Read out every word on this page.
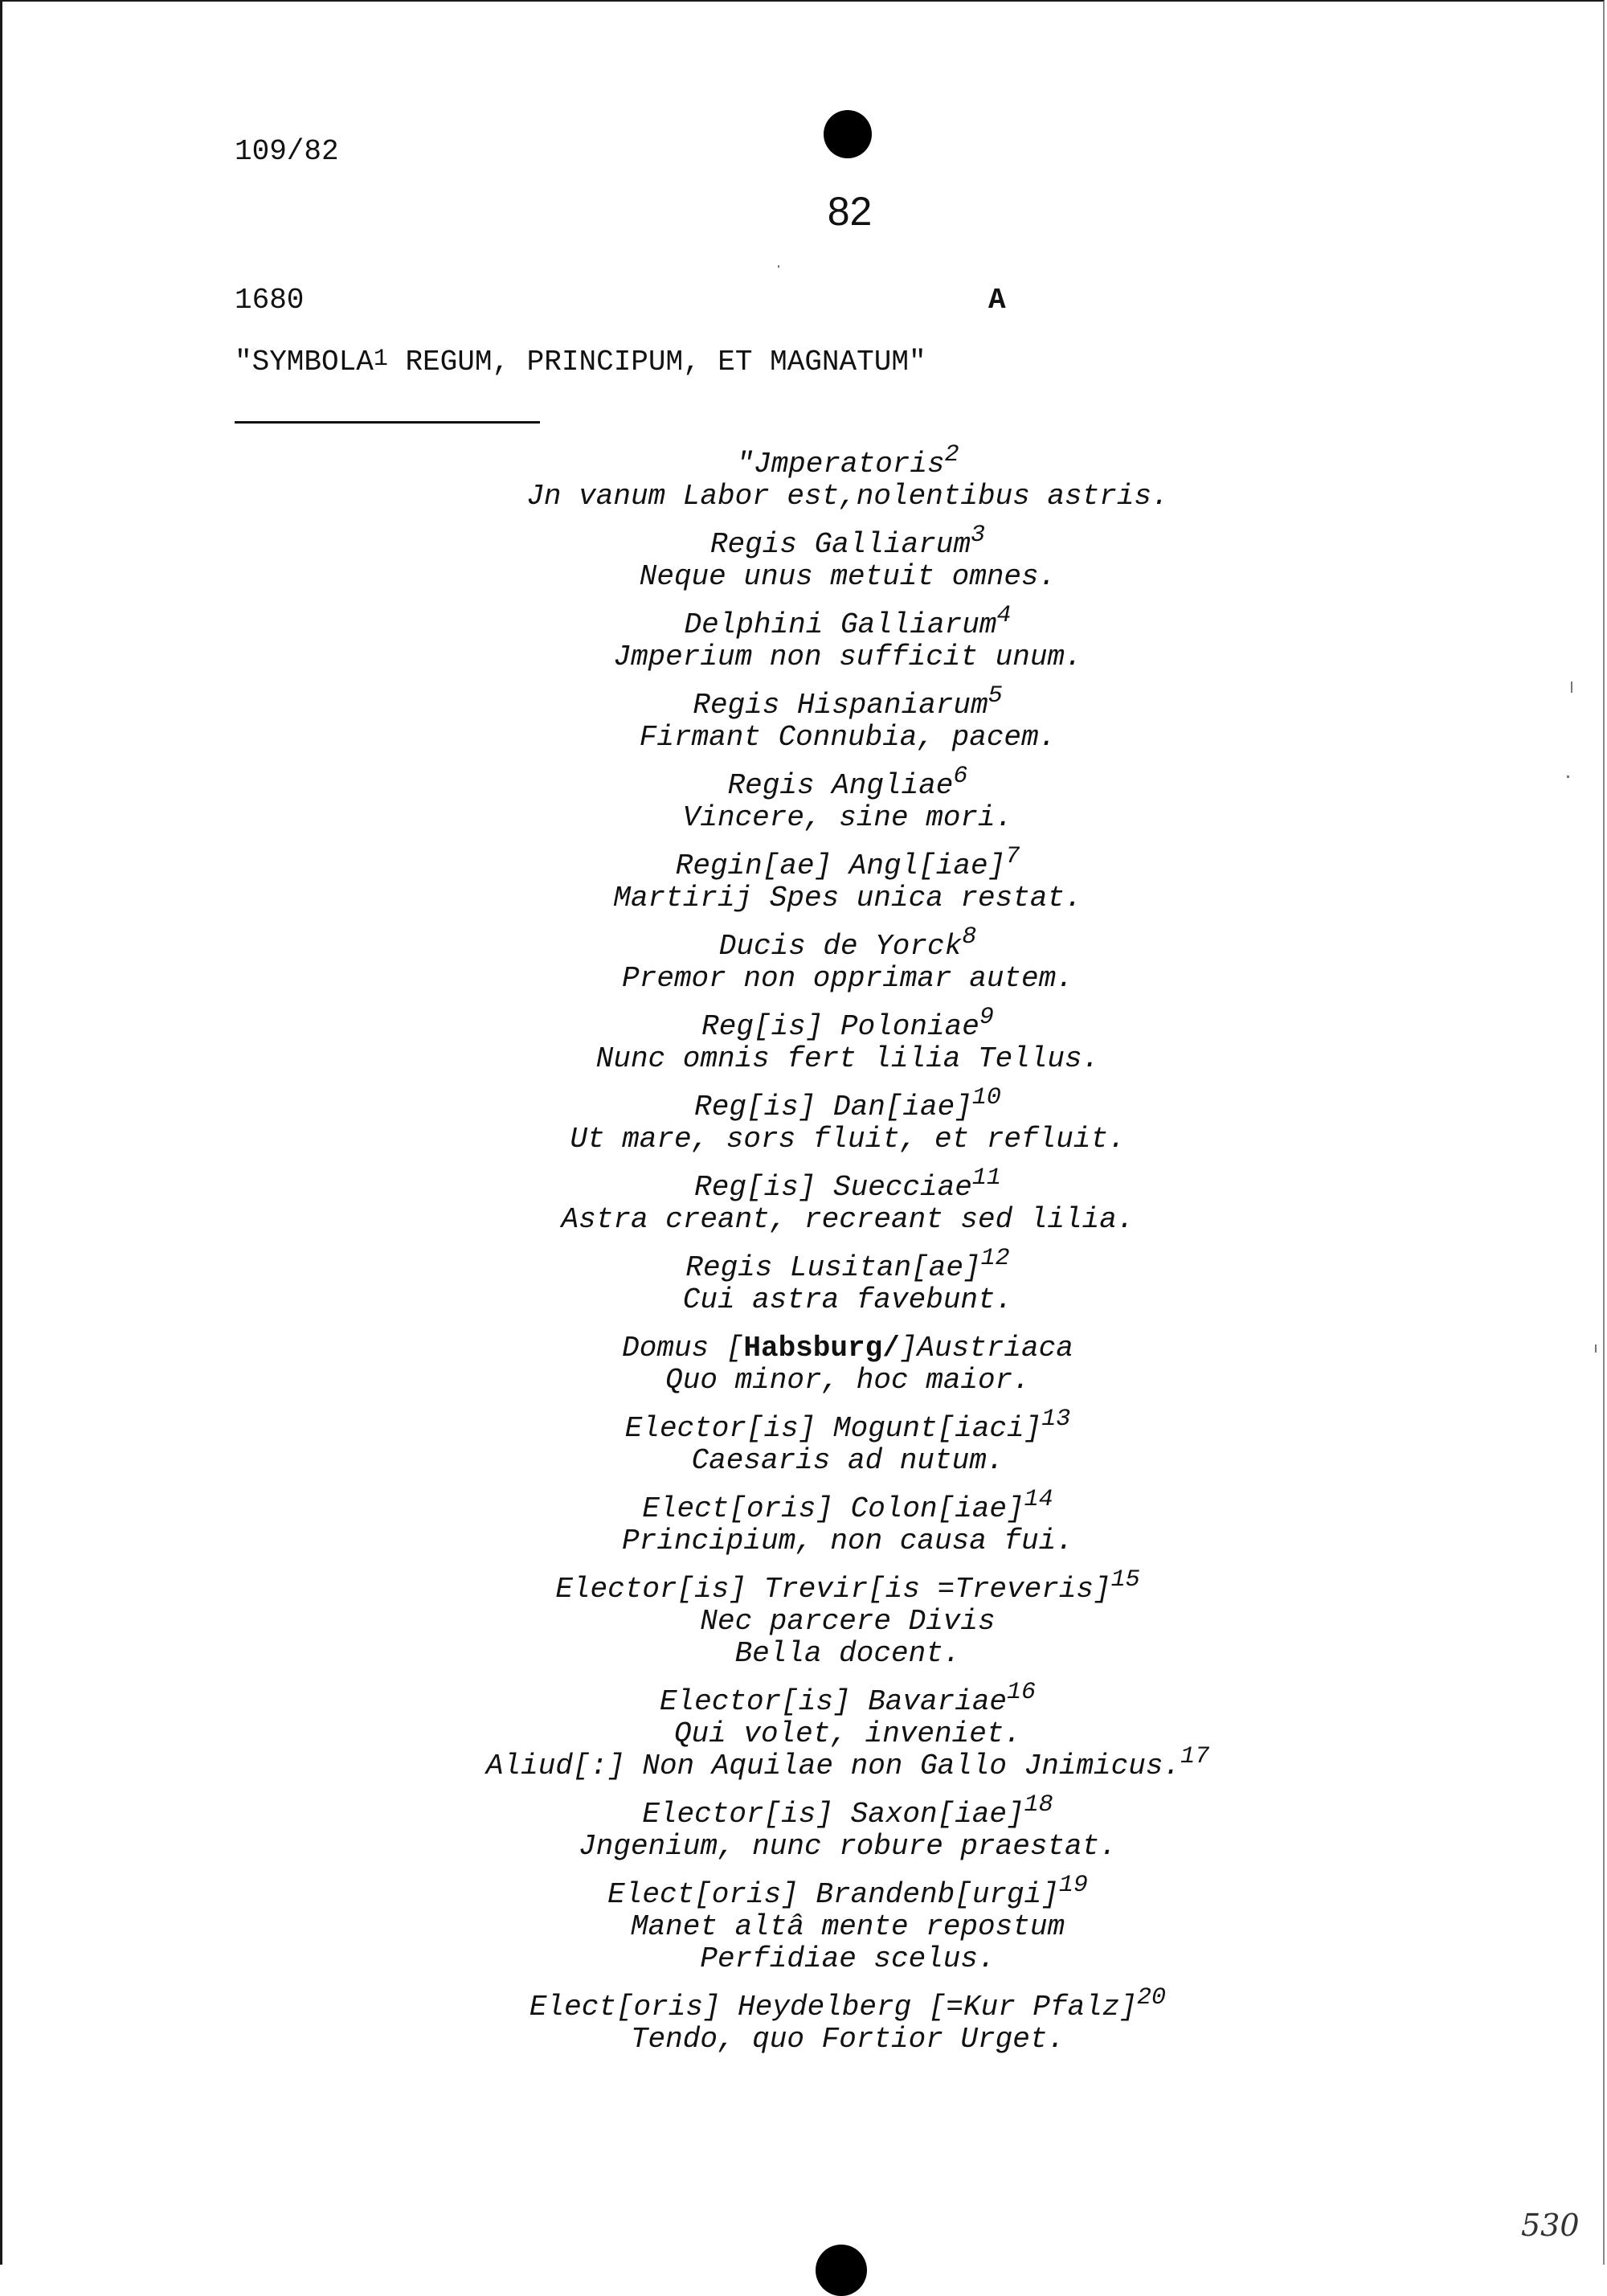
109/82
82
1680	A
"SYMBOLA$^1$ REGUM, PRINCIPUM, ET MAGNATUM"
"Jmperatoris$^2$
Jn vanum Labor est,nolentibus astris.
Regis Galliarum$^3$
Neque unus metuit omnes.
Delphini Galliarum$^4$
Jmperium non sufficit unum.
Regis Hispaniarum$^5$
Firmant Connubia, pacem.
Regis Angliae$^6$
Vincere, sine mori.
Regin[ae] Angl[iae]$^7$
Martirij Spes unica restat.
Ducis de Yorck$^8$
Premor non opprimar autem.
Reg[is] Poloniae$^9$
Nunc omnis fert lilia Tellus.
Reg[is] Dan[iae]$^{10}$
Ut mare, sors fluit, et refluit.
Reg[is] Suecciae$^{11}$
Astra creant, recreant sed lilia.
Regis Lusitan[ae]$^{12}$
Cui astra favebunt.
Domus [Habsburg/]Austriaca
Quo minor, hoc maior.
Elector[is] Mogunt[iaci]$^{13}$
Caesaris ad nutum.
Elect[oris] Colon[iae]$^{14}$
Principium, non causa fui.
Elector[is] Trevir[is =Treveris]$^{15}$
Nec parcere Divis
Bella docent.
Elector[is] Bavariae$^{16}$
Qui volet, inveniet.
Aliud[:] Non Aquilae non Gallo Jnimicus.$^{17}$
Elector[is] Saxon[iae]$^{18}$
Jngenium, nunc robure praestat.
Elect[oris] Brandenb[urgi]$^{19}$
Manet altâ mente repostum
Perfidiae scelus.
Elect[oris] Heydelberg [=Kur Pfalz]$^{20}$
Tendo, quo Fortior Urget.
530
